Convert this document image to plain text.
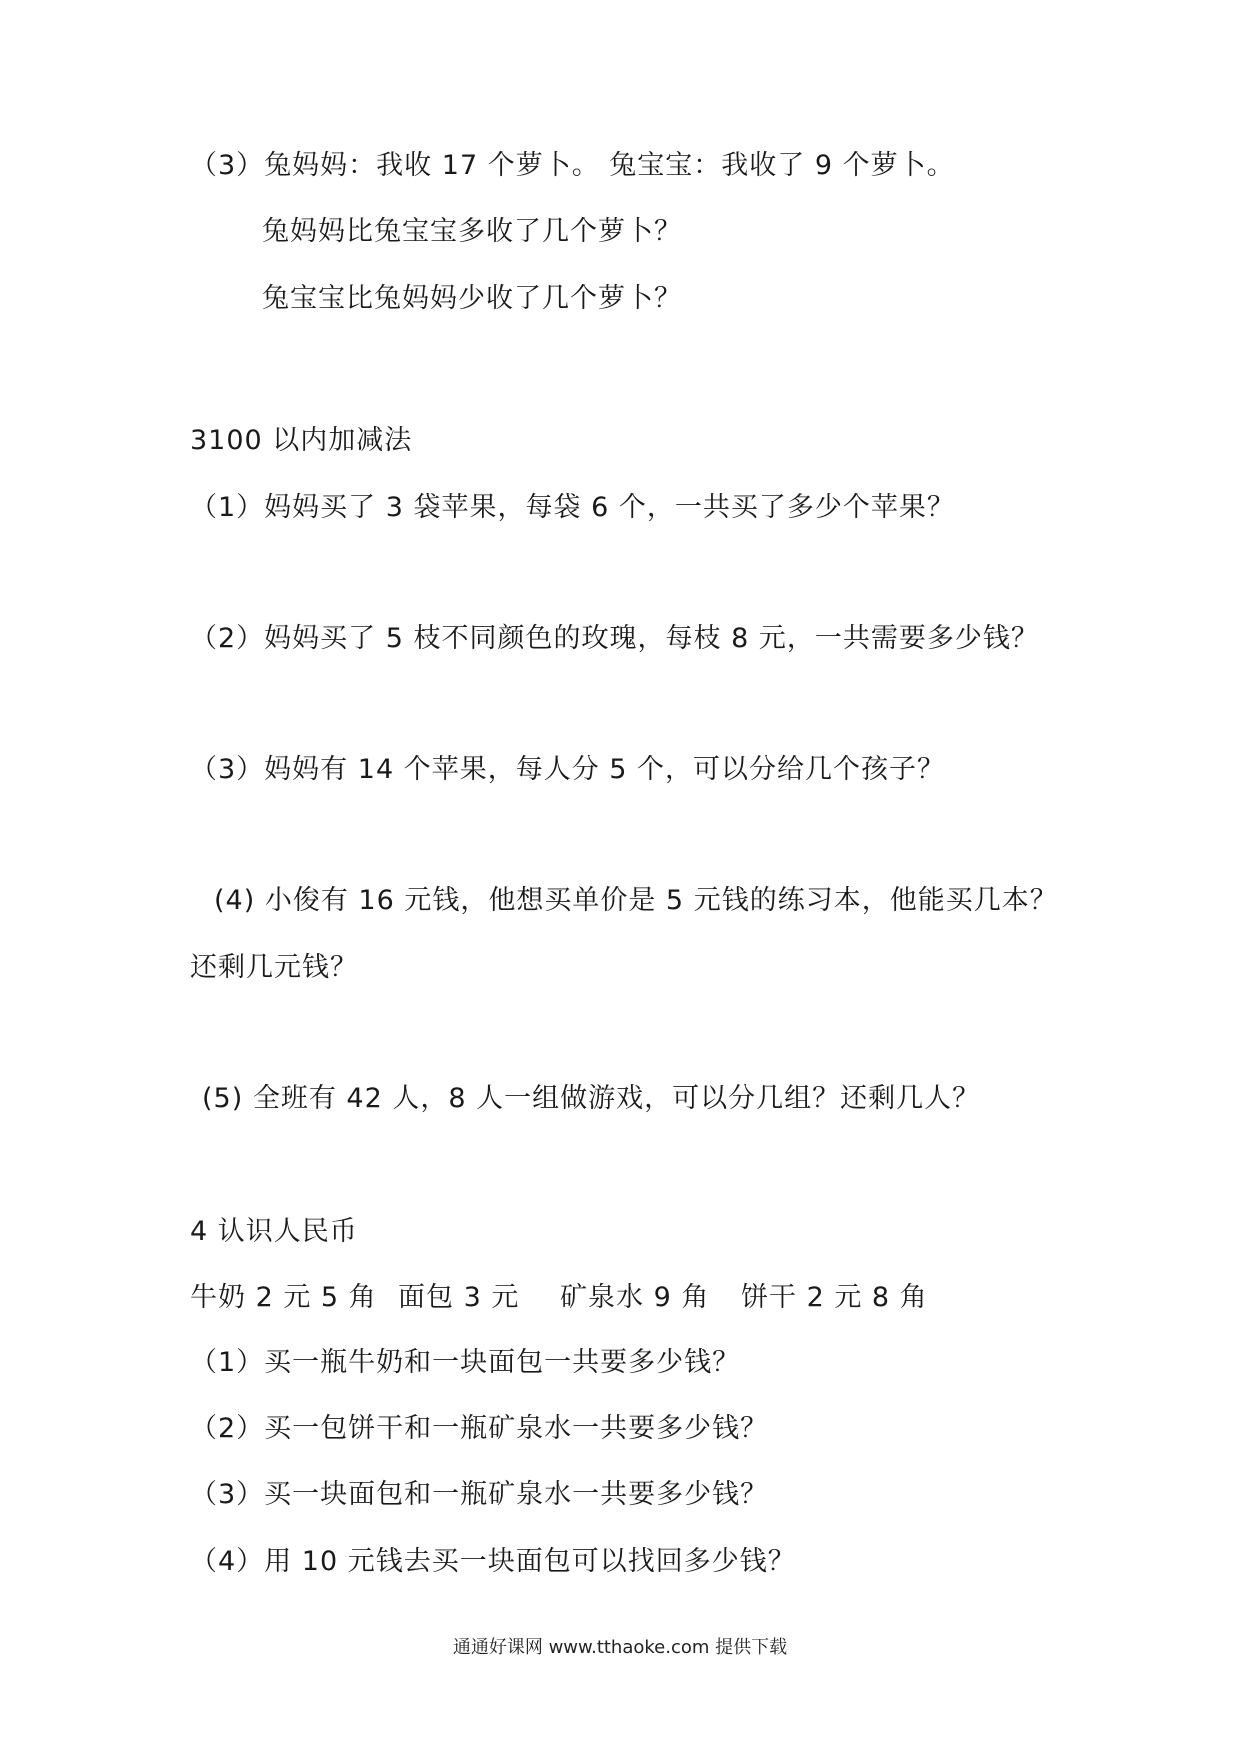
（3）兔妈妈：我收 17 个萝卜。 兔宝宝：我收了 9 个萝卜。
兔妈妈比兔宝宝多收了几个萝卜？
兔宝宝比兔妈妈少收了几个萝卜？
3100 以内加减法
（1）妈妈买了 3 袋苹果，每袋 6 个，一共买了多少个苹果？
（2）妈妈买了 5 枝不同颜色的玫瑰，每枝 8 元，一共需要多少钱？
（3）妈妈有 14 个苹果，每人分 5 个，可以分给几个孩子？
(4) 小俊有 16 元钱，他想买单价是 5 元钱的练习本，他能买几本？
还剩几元钱？
(5) 全班有 42 人，8 人一组做游戏，可以分几组？还剩几人？
4 认识人民币
牛奶 2 元 5 角 面包 3 元 矿泉水 9 角 饼干 2 元 8 角
（1）买一瓶牛奶和一块面包一共要多少钱？
（2）买一包饼干和一瓶矿泉水一共要多少钱？
（3）买一块面包和一瓶矿泉水一共要多少钱？
（4）用 10 元钱去买一块面包可以找回多少钱？
通通好课网 www.tthaoke.com 提供下载
